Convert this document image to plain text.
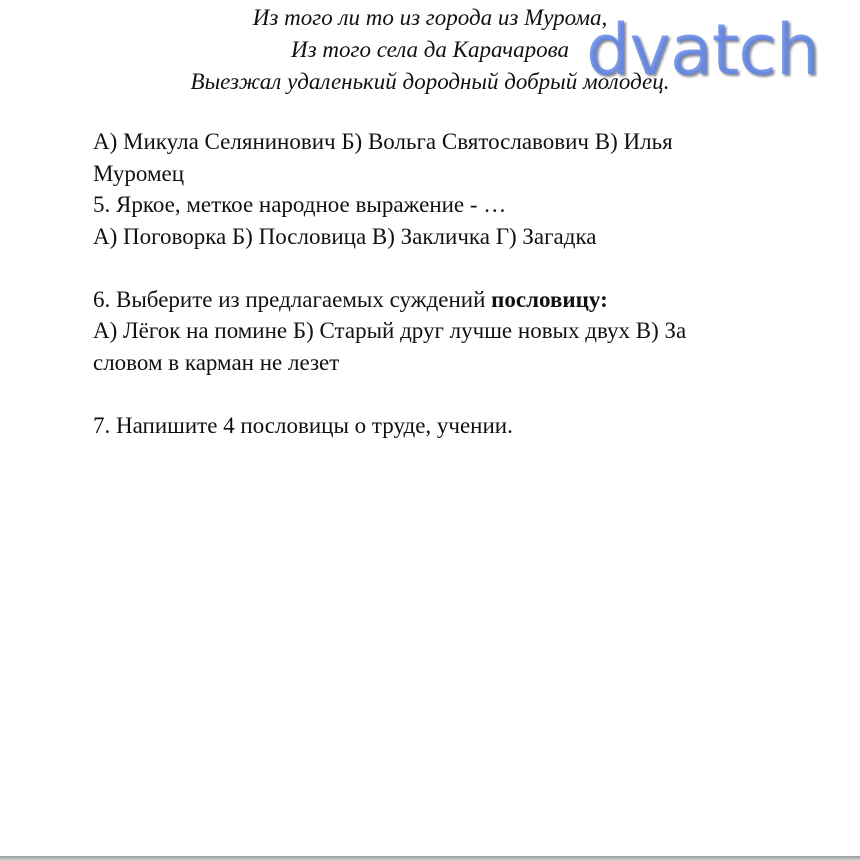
Из того ли то из города из Мурома,
Из того села да Карачарова
Выезжал удаленький дородный добрый молодец.
А) Микула Селянинович Б) Вольга Святославович В) Илья
Муромец
5. Яркое, меткое народное выражение - …
А) Поговорка Б) Пословица В) Закличка Г) Загадка
6. Выберите из предлагаемых суждений пословицу:
А) Лёгок на помине Б) Старый друг лучше новых двух В) За
словом в карман не лезет
7. Напишите 4 пословицы о труде, учении.
dvatch
